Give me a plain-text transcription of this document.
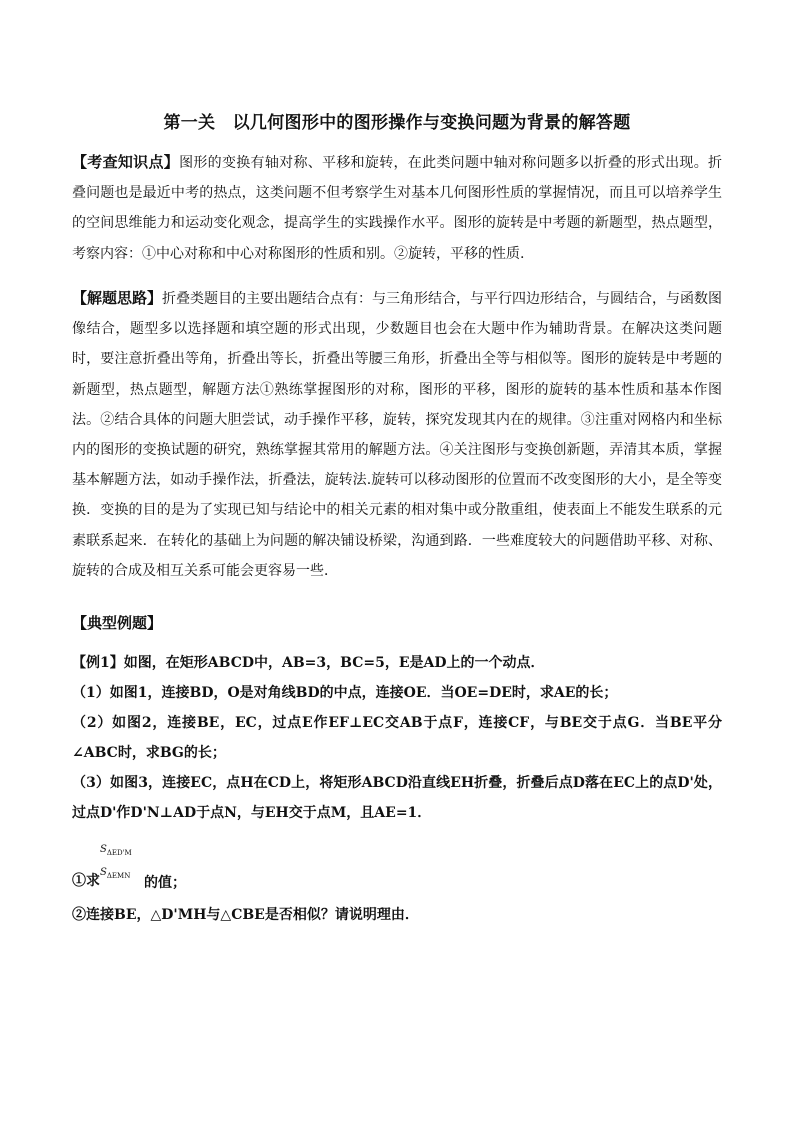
第一关　以几何图形中的图形操作与变换问题为背景的解答题

【考查知识点】图形的变换有轴对称、平移和旋转，在此类问题中轴对称问题多以折叠的形式出现。折叠问题也是最近中考的热点，这类问题不但考察学生对基本几何图形性质的掌握情况，而且可以培养学生的空间思维能力和运动变化观念，提高学生的实践操作水平。图形的旋转是中考题的新题型，热点题型，考察内容：①中心对称和中心对称图形的性质和别。②旋转，平移的性质.

【解题思路】折叠类题目的主要出题结合点有：与三角形结合，与平行四边形结合，与圆结合，与函数图像结合，题型多以选择题和填空题的形式出现，少数题目也会在大题中作为辅助背景。在解决这类问题时，要注意折叠出等角，折叠出等长，折叠出等腰三角形，折叠出全等与相似等。图形的旋转是中考题的新题型，热点题型，解题方法①熟练掌握图形的对称，图形的平移，图形的旋转的基本性质和基本作图法。②结合具体的问题大胆尝试，动手操作平移，旋转，探究发现其内在的规律。③注重对网格内和坐标内的图形的变换试题的研究，熟练掌握其常用的解题方法。④关注图形与变换创新题，弄清其本质，掌握基本解题方法，如动手操作法，折叠法，旋转法.旋转可以移动图形的位置而不改变图形的大小，是全等变换．变换的目的是为了实现已知与结论中的相关元素的相对集中或分散重组，使表面上不能发生联系的元素联系起来．在转化的基础上为问题的解决铺设桥梁，沟通到路．一些难度较大的问题借助平移、对称、旋转的合成及相互关系可能会更容易一些．

【典型例题】

【例1】如图，在矩形ABCD中，AB=3，BC=5，E是AD上的一个动点．

（1）如图1，连接BD，O是对角线BD的中点，连接OE．当OE=DE时，求AE的长；

（2）如图2，连接BE，EC，过点E作EF⊥EC交AB于点F，连接CF，与BE交于点G．当BE平分∠ABC时，求BG的长；

（3）如图3，连接EC，点H在CD上，将矩形ABCD沿直线EH折叠，折叠后点D落在EC上的点D'处，过点D'作D'N⊥AD于点N，与EH交于点M，且AE=1．

$S_{\Delta ED'M}$
①求
$S_{\Delta EMN}$ 的值；

②连接BE，△D'MH与△CBE是否相似？请说明理由．
